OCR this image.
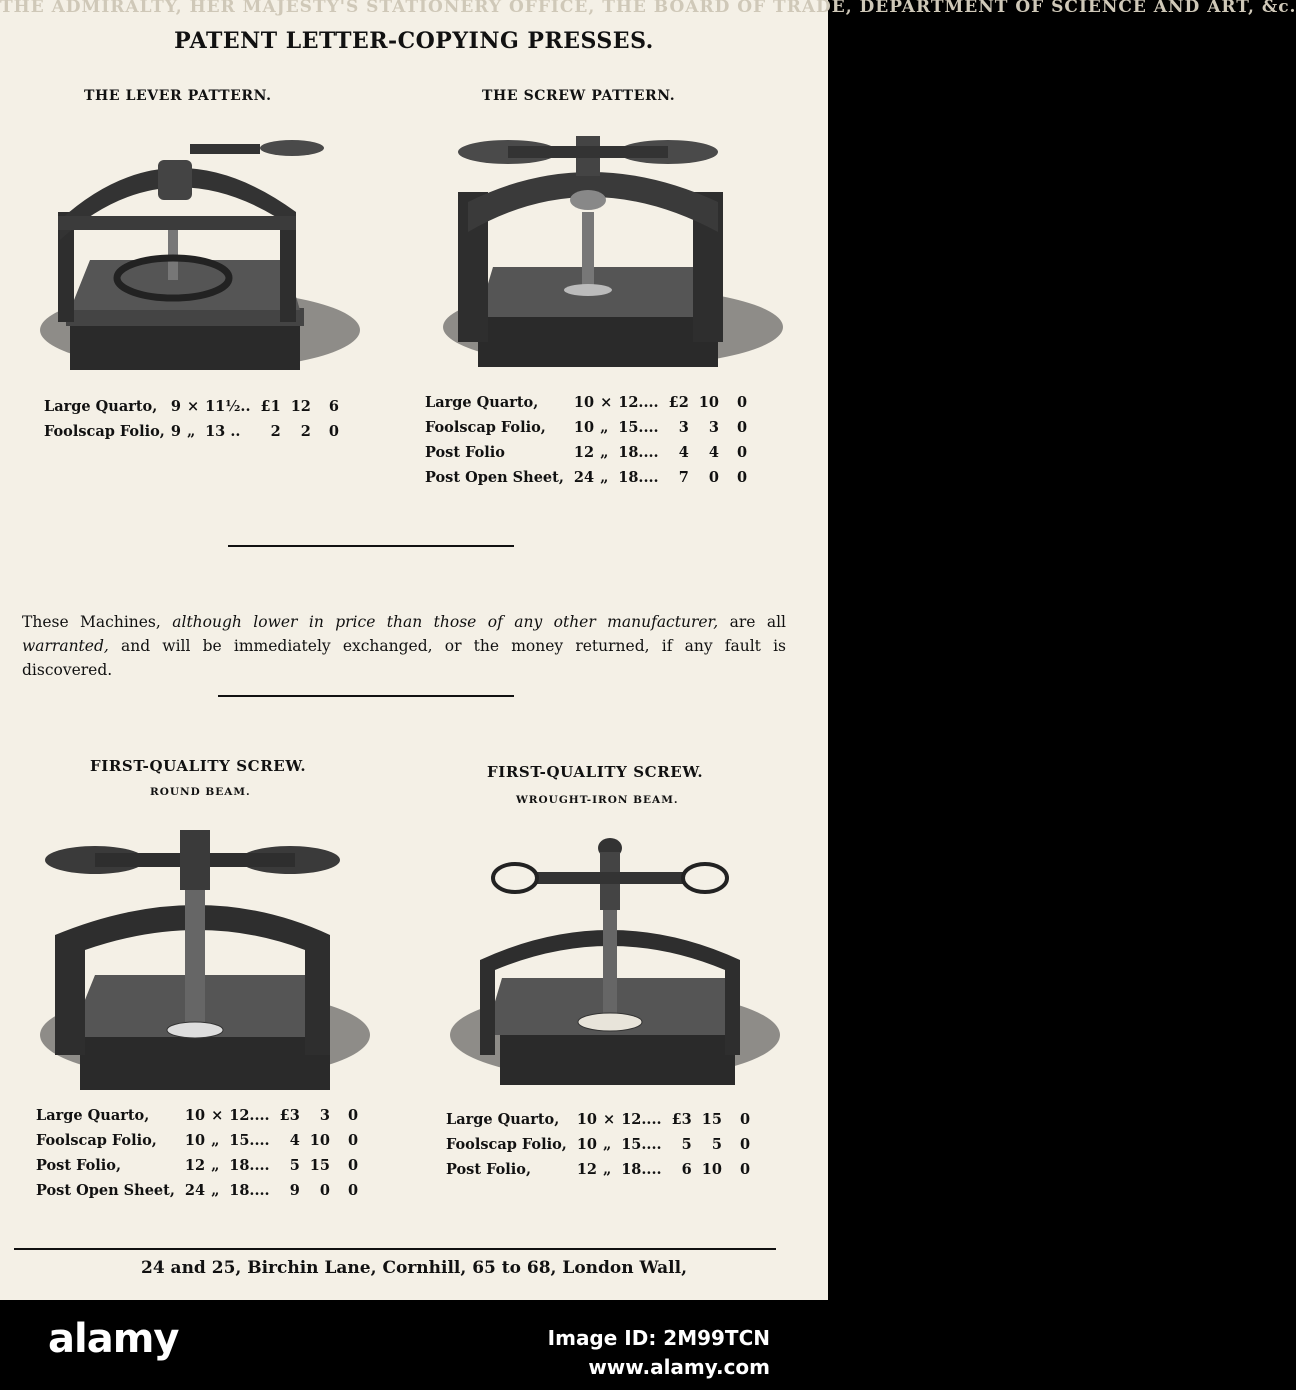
THE ADMIRALTY, HER MAJESTY'S STATIONERY OFFICE, THE BOARD OF TRADE, DEPARTMENT OF SCIENCE AND ART, &c.
PATENT LETTER-COPYING PRESSES.
THE LEVER PATTERN.
Large Quarto,	9	×	11½..	£1	12	6
Foolscap Folio,	9	„	13 ..	2	2	0
THE SCREW PATTERN.
Large Quarto,	10	×	12....	£2	10	0
Foolscap Folio,	10	„	15....	3	3	0
Post Folio	12	„	18....	4	4	0
Post Open Sheet,	24	„	18....	7	0	0

These Machines, although lower in price than those of any other manufacturer, are all warranted, and will be immediately exchanged, or the money returned, if any fault is discovered.

FIRST-QUALITY SCREW.
ROUND BEAM.
Large Quarto,	10	×	12....	£3	3	0
Foolscap Folio,	10	„	15....	4	10	0
Post Folio,	12	„	18....	5	15	0
Post Open Sheet,	24	„	18....	9	0	0
FIRST-QUALITY SCREW.
WROUGHT-IRON BEAM.
Large Quarto,	10	×	12....	£3	15	0
Foolscap Folio,	10	„	15....	5	5	0
Post Folio,	12	„	18....	6	10	0
24 and 25, Birchin Lane, Cornhill, 65 to 68, London Wall,
alamy	Image ID: 2M99TCN
www.alamy.com
